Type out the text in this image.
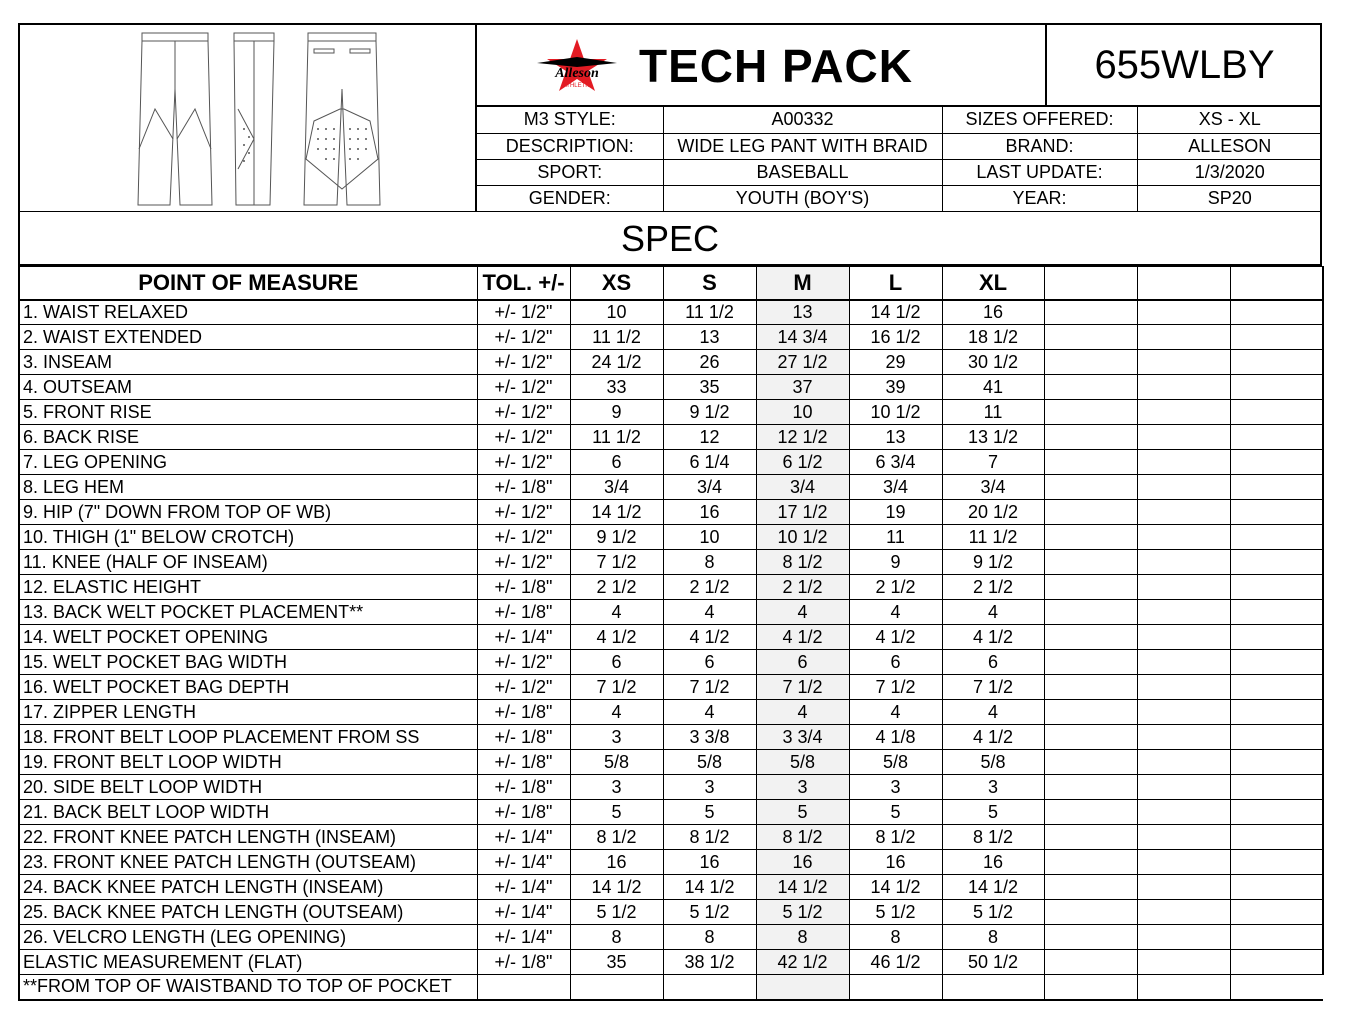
Alleson
ATHLETIC TECH PACK	655WLBY
M3 STYLE:	A00332	SIZES OFFERED:	XS - XL
DESCRIPTION:	WIDE LEG PANT WITH BRAID	BRAND:	ALLESON
SPORT:	BASEBALL	LAST UPDATE:	1/3/2020
GENDER:	YOUTH (BOY'S)	YEAR:	SP20
SPEC
POINT OF MEASURE	TOL. +/-	XS	S	M	L	XL			
1. WAIST RELAXED	+/- 1/2"	10	11 1/2	13	14 1/2	16			
2. WAIST EXTENDED	+/- 1/2"	11 1/2	13	14 3/4	16 1/2	18 1/2			
3. INSEAM	+/- 1/2"	24 1/2	26	27 1/2	29	30 1/2			
4. OUTSEAM	+/- 1/2"	33	35	37	39	41			
5. FRONT RISE	+/- 1/2"	9	9 1/2	10	10 1/2	11			
6. BACK RISE	+/- 1/2"	11 1/2	12	12 1/2	13	13 1/2			
7. LEG OPENING	+/- 1/2"	6	6 1/4	6 1/2	6 3/4	7			
8. LEG HEM	+/- 1/8"	3/4	3/4	3/4	3/4	3/4			
9. HIP (7" DOWN FROM TOP OF WB)	+/- 1/2"	14 1/2	16	17 1/2	19	20 1/2			
10. THIGH (1" BELOW CROTCH)	+/- 1/2"	9 1/2	10	10 1/2	11	11 1/2			
11. KNEE (HALF OF INSEAM)	+/- 1/2"	7 1/2	8	8 1/2	9	9 1/2			
12. ELASTIC HEIGHT	+/- 1/8"	2 1/2	2 1/2	2 1/2	2 1/2	2 1/2			
13. BACK WELT POCKET PLACEMENT**	+/- 1/8"	4	4	4	4	4			
14. WELT POCKET OPENING	+/- 1/4"	4 1/2	4 1/2	4 1/2	4 1/2	4 1/2			
15. WELT POCKET BAG WIDTH	+/- 1/2"	6	6	6	6	6			
16. WELT POCKET BAG DEPTH	+/- 1/2"	7 1/2	7 1/2	7 1/2	7 1/2	7 1/2			
17. ZIPPER LENGTH	+/- 1/8"	4	4	4	4	4			
18. FRONT BELT LOOP PLACEMENT FROM SS	+/- 1/8"	3	3 3/8	3 3/4	4 1/8	4 1/2			
19. FRONT BELT LOOP WIDTH	+/- 1/8"	5/8	5/8	5/8	5/8	5/8			
20. SIDE BELT LOOP WIDTH	+/- 1/8"	3	3	3	3	3			
21. BACK BELT LOOP WIDTH	+/- 1/8"	5	5	5	5	5			
22. FRONT KNEE PATCH LENGTH (INSEAM)	+/- 1/4"	8 1/2	8 1/2	8 1/2	8 1/2	8 1/2			
23. FRONT KNEE PATCH LENGTH (OUTSEAM)	+/- 1/4"	16	16	16	16	16			
24. BACK KNEE PATCH LENGTH (INSEAM)	+/- 1/4"	14 1/2	14 1/2	14 1/2	14 1/2	14 1/2			
25. BACK KNEE PATCH LENGTH (OUTSEAM)	+/- 1/4"	5 1/2	5 1/2	5 1/2	5 1/2	5 1/2			
26. VELCRO LENGTH (LEG OPENING)	+/- 1/4"	8	8	8	8	8			
ELASTIC MEASUREMENT (FLAT)	+/- 1/8"	35	38 1/2	42 1/2	46 1/2	50 1/2			
**FROM TOP OF WAISTBAND TO TOP OF POCKET									
